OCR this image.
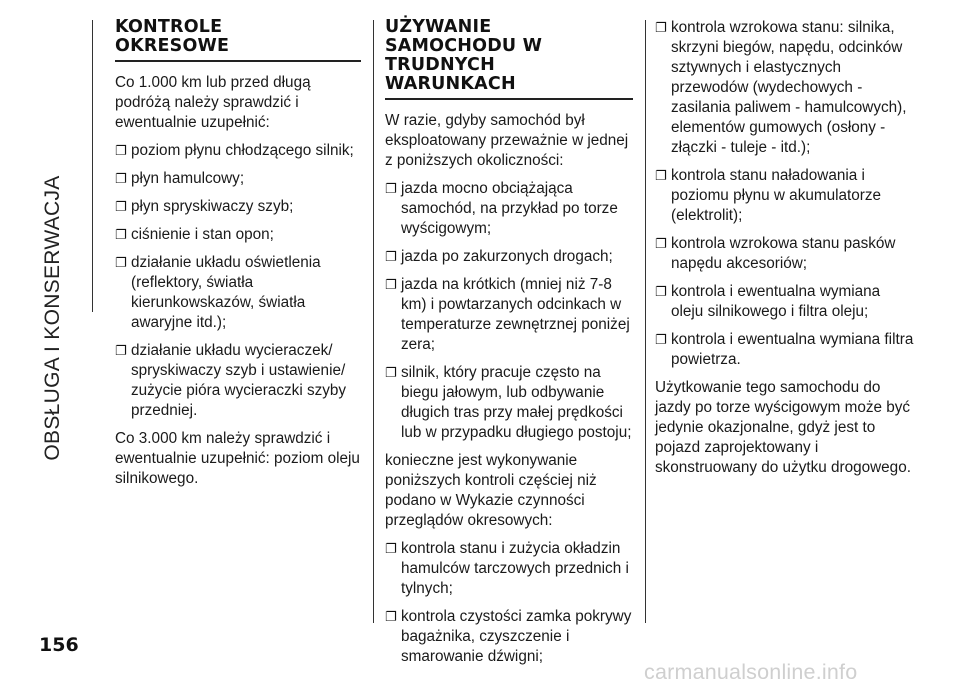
OBSŁUGA I KONSERWACJA
KONTROLE
OKRESOWE

Co 1.000 km lub przed długą podróżą należy sprawdzić i ewentualnie uzupełnić:

❐ poziom płynu chłodzącego silnik;
❐ płyn hamulcowy;
❐ płyn spryskiwaczy szyb;
❐ ciśnienie i stan opon;
❐ działanie układu oświetlenia (reflektory, światła kierunkowskazów, światła awaryjne itd.);
❐ działanie układu wycieraczek/ spryskiwaczy szyb i ustawienie/ zużycie pióra wycieraczki szyby przedniej.

Co 3.000 km należy sprawdzić i ewentualnie uzupełnić: poziom oleju silnikowego.

UŻYWANIE
SAMOCHODU W
TRUDNYCH
WARUNKACH

W razie, gdyby samochód był eksploatowany przeważnie w jednej z poniższych okoliczności:

❐ jazda mocno obciążająca samochód, na przykład po torze wyścigowym;
❐ jazda po zakurzonych drogach;
❐ jazda na krótkich (mniej niż 7-8 km) i powtarzanych odcinkach w temperaturze zewnętrznej poniżej zera;
❐ silnik, który pracuje często na biegu jałowym, lub odbywanie długich tras przy małej prędkości lub w przypadku długiego postoju;

konieczne jest wykonywanie poniższych kontroli częściej niż podano w Wykazie czynności przeglądów okresowych:

❐ kontrola stanu i zużycia okładzin hamulców tarczowych przednich i tylnych;
❐ kontrola czystości zamka pokrywy bagażnika, czyszczenie i smarowanie dźwigni;
❐ kontrola wzrokowa stanu: silnika, skrzyni biegów, napędu, odcinków sztywnych i elastycznych przewodów (wydechowych - zasilania paliwem - hamulcowych), elementów gumowych (osłony - złączki - tuleje - itd.);
❐ kontrola stanu naładowania i poziomu płynu w akumulatorze (elektrolit);
❐ kontrola wzrokowa stanu pasków napędu akcesoriów;
❐ kontrola i ewentualna wymiana oleju silnikowego i filtra oleju;
❐ kontrola i ewentualna wymiana filtra powietrza.

Użytkowanie tego samochodu do jazdy po torze wyścigowym może być jedynie okazjonalne, gdyż jest to pojazd zaprojektowany i skonstruowany do użytku drogowego.

156
carmanualsonline.info
